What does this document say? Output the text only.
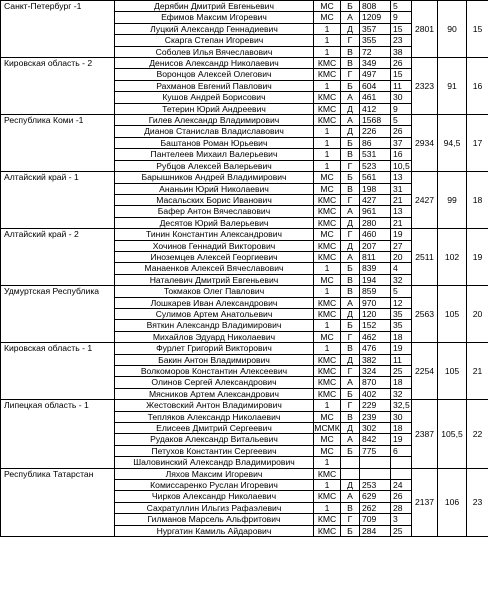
Санкт-Петербург -1	Дерябин Дмитрий Евгеньевич	МС	Б	808	5	2801	90	15
	Ефимов Максим Игоревич	МС	А	1209	9			
	Луцкий Александр Геннадиевич	1	Д	357	15			
	Скарга Степан Игоревич	1	Г	355	23			
	Соболев Илья Вячеславович	1	В	72	38			
Кировская область - 2	Денисов Александр Николаевич	КМС	В	349	26	2323	91	16
	Воронцов Алексей Олегович	КМС	Г	497	15			
	Рахманов Евгений Павлович	1	Б	604	11			
	Кушов Андрей Борисович	КМС	А	461	30			
	Тетерин Юрий Андреевич	КМС	Д	412	9			
Республика Коми -1	Гилев Александр Владимирович	КМС	А	1568	5	2934	94,5	17
	Дианов Станислав Владиславович	1	Д	226	26			
	Баштанов Роман Юрьевич	1	Б	86	37			
	Пантелеев Михаил Валерьевич	1	В	531	16			
	Рубцов Алексей Валерьевич	1	Г	523	10,5			
Алтайский край - 1	Барышников Андрей Владимирович	МС	Б	561	13	2427	99	18
	Ананьин Юрий Николаевич	МС	В	198	31			
	Масальских Борис Иванович	КМС	Г	427	21			
	Бафер Антон Вячеславович	КМС	А	961	13			
	Десятов Юрий Валерьевич	КМС	Д	280	21			
Алтайский край - 2	Тинин Константин Александрович	МС	Г	460	19	2511	102	19
	Хочинов Геннадий Викторович	КМС	Д	207	27			
	Иноземцев Алексей Георгиевич	КМС	А	811	20			
	Манаенков Алексей Вячеславович	1	Б	839	4			
	Наталевич Дмитрий Евгеньевич	МС	В	194	32			
Удмуртская Республика	Токмаков Олег Павлович	1	В	859	5	2563	105	20
	Лошкарев Иван Александрович	КМС	А	970	12			
	Сулимов Артем Анатольевич	КМС	Д	120	35			
	Вяткин Александр Владимирович	1	Б	152	35			
	Михайлов Эдуард Николаевич	МС	Г	462	18			
Кировская область - 1	Фурлет Григорий Викторович	1	В	476	19	2254	105	21
	Бакин Антон Владимирович	КМС	Д	382	11			
	Волкоморов Константин Алексеевич	КМС	Г	324	25			
	Олинов Сергей Александрович	КМС	А	870	18			
	Мясников Артем Александрович	КМС	Б	402	32			
Липецкая область - 1	Жестовский Антон Владимирович	1	Г	229	32,5	2387	105,5	22
	Тепляков Александр Николаевич	МС	В	239	30			
	Елисеев Дмитрий Сергеевич	МСМК	Д	302	18			
	Рудаков Александр Витальевич	МС	А	842	19			
	Петухов Константин Сергеевич	МС	Б	775	6			
	Шаловинский Александр Владимирович	1						
Республика Татарстан	Ляхов Максим Игоревич	КМС				2137	106	23
	Комиссаренко Руслан Игоревич	1	Д	253	24			
	Чирков Александр Николаевич	КМС	А	629	26			
	Сахратуллин Ильгиз Рафаэлевич	1	В	262	28			
	Гилманов Марсель Альфритович	КМС	Г	709	3			
	Нургатин Камиль Айдарович	КМС	Б	284	25			
